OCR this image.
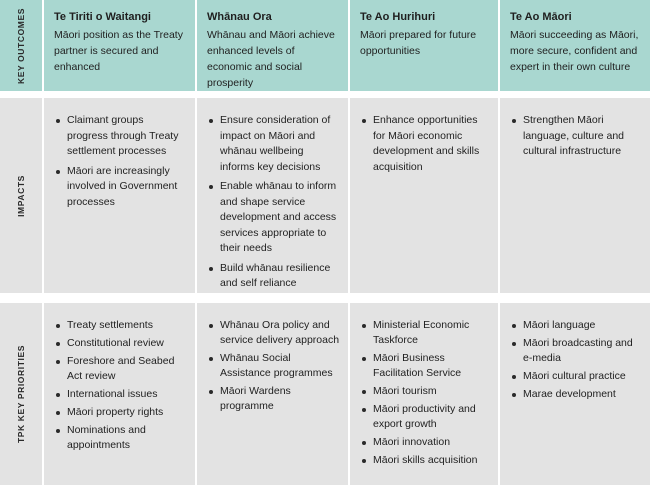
KEY OUTCOMES	Te Tiriti o Waitangi

Māori position as the Treaty partner is secured and enhanced

Whānau Ora

Whānau and Māori achieve enhanced levels of economic and social prosperity

Te Ao Hurihuri

Māori prepared for future opportunities

Te Ao Māori

Māori succeeding as Māori, more secure, confident and expert in their own culture

IMPACTS
Claimant groups progress through Treaty settlement processes
Māori are increasingly involved in Government processes
Ensure consideration of impact on Māori and whānau wellbeing informs key decisions
Enable whānau to inform and shape service development and access services appropriate to their needs
Build whānau resilience and self reliance
Enhance opportunities for Māori economic development and skills acquisition
Strengthen Māori language, culture and cultural infrastructure
TPK KEY PRIORITIES
Treaty settlements
Constitutional review
Foreshore and Seabed Act review
International issues
Māori property rights
Nominations and appointments
Whānau Ora policy and service delivery approach
Whānau Social Assistance programmes
Māori Wardens programme
Ministerial Economic Taskforce
Māori Business Facilitation Service
Māori tourism
Māori productivity and export growth
Māori innovation
Māori skills acquisition
Māori language
Māori broadcasting and e-media
Māori cultural practice
Marae development
